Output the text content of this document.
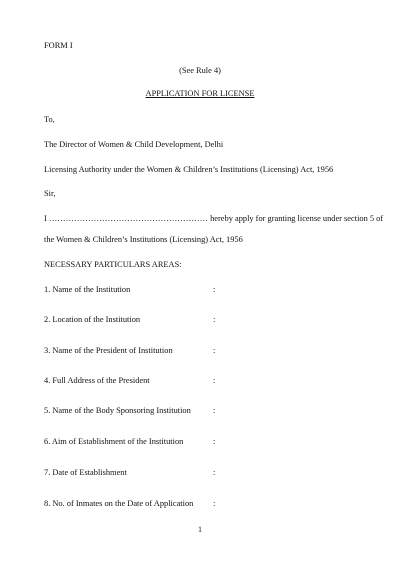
FORM I
(See Rule 4)
APPLICATION FOR LICENSE
To,
The Director of Women & Child Development, Delhi
Licensing Authority under the Women & Children’s Institutions (Licensing) Act, 1956
Sir,
I ………………………………………………… hereby apply for granting license under section 5 of
the Women & Children’s Institutions (Licensing) Act, 1956
NECESSARY PARTICULARS AREAS:
1. Name of the Institution	:
2. Location of the Institution	:
3. Name of the President of Institution	:
4. Full Address of the President	:
5. Name of the Body Sponsoring Institution	:
6. Aim of Establishment of the Institution	:
7. Date of Establishment	:
8. No. of Inmates on the Date of Application :
1
